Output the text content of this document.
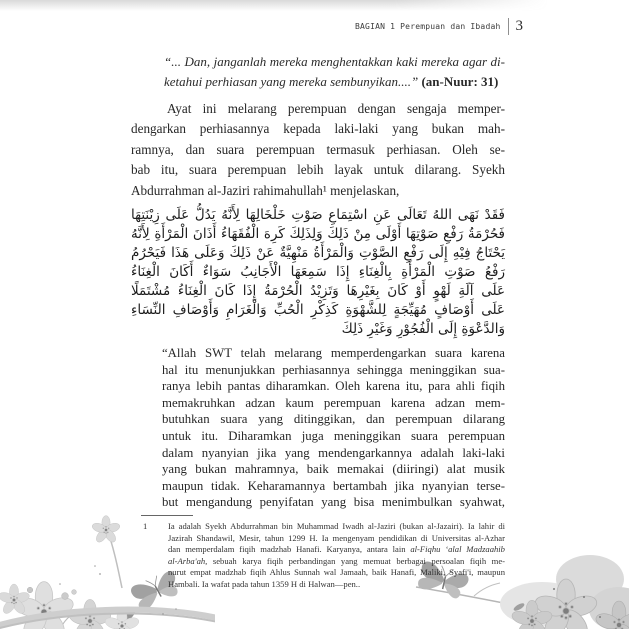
BAGIAN 1 Perempuan dan Ibadah 3
“... Dan, janganlah mereka menghentakkan kaki mereka agar di-
ketahui perhiasan yang mereka sembunyikan....” (an-Nuur: 31)
Ayat ini melarang perempuan dengan sengaja memper-
dengarkan perhiasannya kepada laki-laki yang bukan mah-
ramnya, dan suara perempuan termasuk perhiasan. Oleh se-
bab itu, suara perempuan lebih layak untuk dilarang. Syekh
Abdurrahman al-Jaziri rahimahullah¹ menjelaskan,
فَقَدْ نَهَى اللهُ تَعَالَى عَنِ اسْتِمَاعِ صَوْتِ خَلْخَالِهَا لِأَنَّهُ يَدُلُّ عَلَى زِيْنَتِهَا
فَحُرْمَةُ رَفْعِ صَوْتِهَا أَوْلَى مِنْ ذَلِكَ وَلِذَلِكَ كَرِهَ الْفُقَهَاءُ أَذَانَ الْمَرْأَةِ لِأَنَّهُ
يَحْتَاجُ فِيْهِ إِلَى رَفْعِ الصَّوْتِ وَالْمَرْأَةُ مَنْهِيَّةٌ عَنْ ذَلِكَ وَعَلَى هَذَا فَيَحْرُمُ
رَفْعُ صَوْتِ الْمَرْأَةِ بِالْغِنَاءِ إِذَا سَمِعَهَا الْأَجَانِبُ سَوَاءٌ أَكَانَ الْغِنَاءُ
عَلَى آلَةِ لَهْوٍ أَوْ كَانَ بِغَيْرِهَا وَتَزِيْدُ الْحُرْمَةُ إِذَا كَانَ الْغِنَاءُ مُشْتَمَلًا
عَلَى أَوْصَافٍ مُهَيِّجَةٍ لِلشَّهْوَةِ كَذِكْرِ الْحُبِّ وَالْغَرَامِ وَأَوْصَافِ النِّسَاءِ
وَالدَّعْوَةِ إِلَى الْفُجُوْرِ وَغَيْرِ ذَلِكَ
“Allah SWT telah melarang memperdengarkan suara karena
hal itu menunjukkan perhiasannya sehingga meninggikan sua-
ranya lebih pantas diharamkan. Oleh karena itu, para ahli fiqih
memakruhkan adzan kaum perempuan karena adzan mem-
butuhkan suara yang ditinggikan, dan perempuan dilarang
untuk itu. Diharamkan juga meninggikan suara perempuan
dalam nyanyian jika yang mendengarkannya adalah laki-laki
yang bukan mahramnya, baik memakai (diiringi) alat musik
maupun tidak. Keharamannya bertambah jika nyanyian terse-
but mengandung penyifatan yang bisa menimbulkan syahwat,
1	Ia adalah Syekh Abdurrahman bin Muhammad Iwadh al-Jaziri (bukan al-Jazairi). Ia lahir di
Jazirah Shandawil, Mesir, tahun 1299 H. Ia mengenyam pendidikan di Universitas al-Azhar
dan memperdalam fiqih madzhab Hanafi. Karyanya, antara lain al-Fiqhu ʻalal Madzaahib
al-Arba'ah, sebuah karya fiqih perbandingan yang memuat berbagai persoalan fiqih me-
nurut empat madzhab fiqih Ahlus Sunnah wal Jamaah, baik Hanafi, Maliki, Syafi'i, maupun
Hambali. Ia wafat pada tahun 1359 H di Halwan—pen..
